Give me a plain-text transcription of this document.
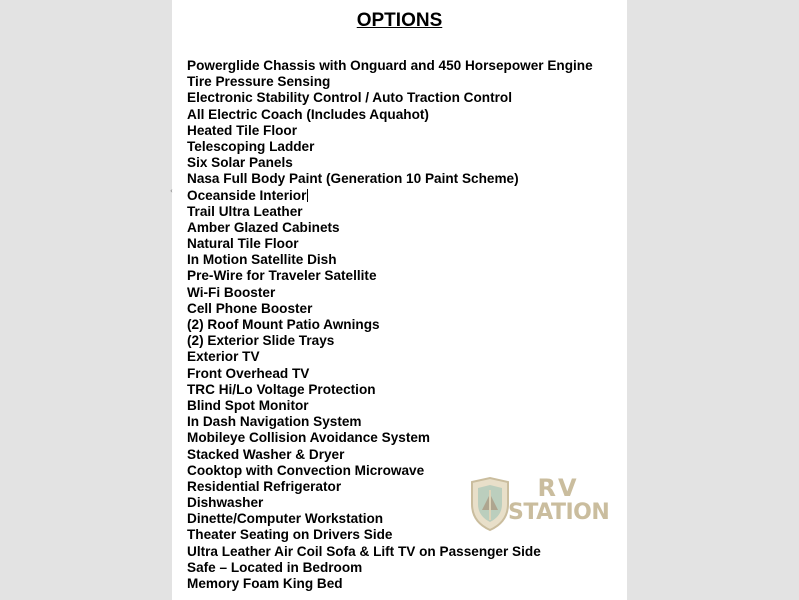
OPTIONS
Powerglide Chassis with Onguard and 450 Horsepower Engine
Tire Pressure Sensing
Electronic Stability Control / Auto Traction Control
All Electric Coach (Includes Aquahot)
Heated Tile Floor
Telescoping Ladder
Six Solar Panels
Nasa Full Body Paint (Generation 10 Paint Scheme)
Oceanside Interior
Trail Ultra Leather
Amber Glazed Cabinets
Natural Tile Floor
In Motion Satellite Dish
Pre-Wire for Traveler Satellite
Wi-Fi Booster
Cell Phone Booster
(2) Roof Mount Patio Awnings
(2) Exterior Slide Trays
Exterior TV
Front Overhead TV
TRC Hi/Lo Voltage Protection
Blind Spot Monitor
In Dash Navigation System
Mobileye Collision Avoidance System
Stacked Washer & Dryer
Cooktop with Convection Microwave
Residential Refrigerator
Dishwasher
Dinette/Computer Workstation
Theater Seating on Drivers Side
Ultra Leather Air Coil Sofa & Lift TV on Passenger Side
Safe – Located in Bedroom
Memory Foam King Bed
‹
RV
STATION
